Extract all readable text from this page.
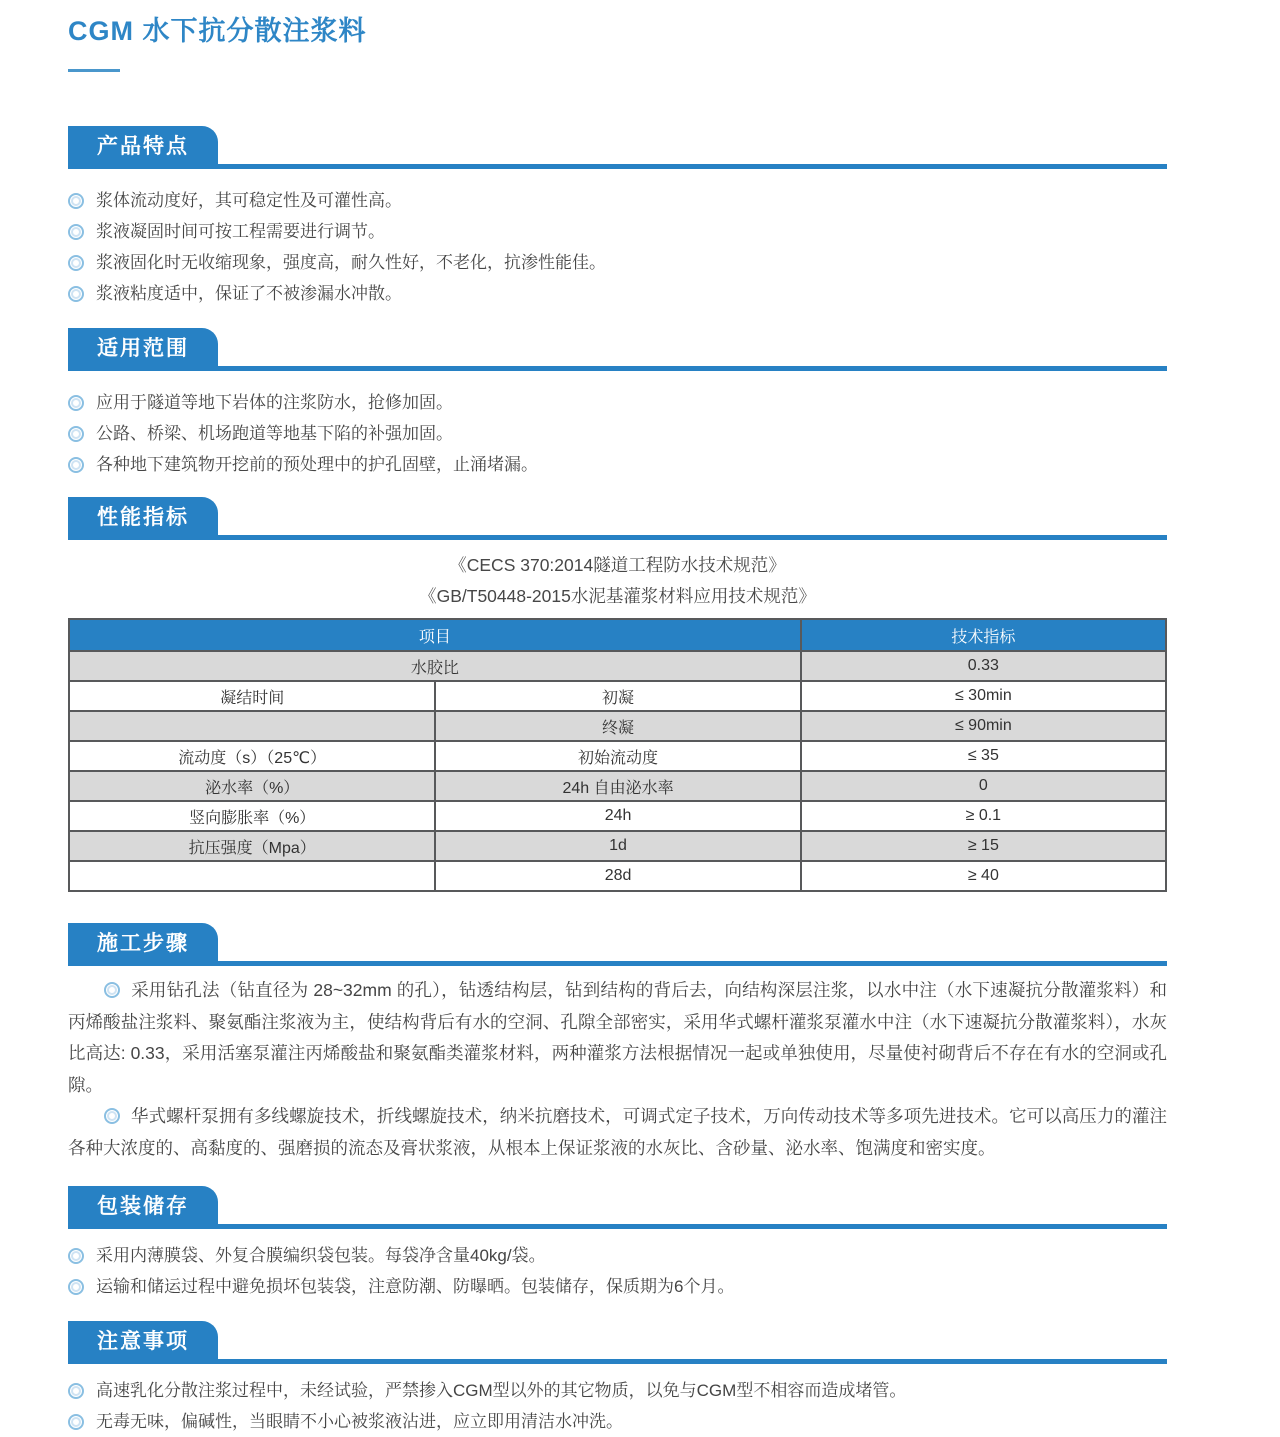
CGM 水下抗分散注浆料
产品特点
浆体流动度好，其可稳定性及可灌性高。
浆液凝固时间可按工程需要进行调节。
浆液固化时无收缩现象，强度高，耐久性好，不老化，抗渗性能佳。
浆液粘度适中，保证了不被渗漏水冲散。
适用范围
应用于隧道等地下岩体的注浆防水，抢修加固。
公路、桥梁、机场跑道等地基下陷的补强加固。
各种地下建筑物开挖前的预处理中的护孔固壁，止涌堵漏。
性能指标

《CECS 370:2014隧道工程防水技术规范》

《GB/T50448-2015水泥基灌浆材料应用技术规范》

项目		技术指标
水胶比		0.33
凝结时间	初凝	≤ 30min
	终凝	≤ 90min
流动度（s）（25℃）	初始流动度	≤ 35
泌水率（%）	24h 自由泌水率	0
竖向膨胀率（%）	24h	≥ 0.1
抗压强度（Mpa）	1d	≥ 15
	28d	≥ 40
施工步骤

采用钻孔法（钻直径为 28~32mm 的孔），钻透结构层，钻到结构的背后去，向结构深层注浆，以水中注（水下速凝抗分散灌浆料）和丙烯酸盐注浆料、聚氨酯注浆液为主，使结构背后有水的空洞、孔隙全部密实，采用华式螺杆灌浆泵灌水中注（水下速凝抗分散灌浆料），水灰比高达: 0.33，采用活塞泵灌注丙烯酸盐和聚氨酯类灌浆材料，两种灌浆方法根据情况一起或单独使用，尽量使衬砌背后不存在有水的空洞或孔隙。

华式螺杆泵拥有多线螺旋技术，折线螺旋技术，纳米抗磨技术，可调式定子技术，万向传动技术等多项先进技术。它可以高压力的灌注各种大浓度的、高黏度的、强磨损的流态及膏状浆液，从根本上保证浆液的水灰比、含砂量、泌水率、饱满度和密实度。

包装储存
采用内薄膜袋、外复合膜编织袋包装。每袋净含量40kg/袋。
运输和储运过程中避免损坏包装袋，注意防潮、防曝晒。包装储存，保质期为6个月。
注意事项
高速乳化分散注浆过程中，未经试验，严禁掺入CGM型以外的其它物质，以免与CGM型不相容而造成堵管。
无毒无味，偏碱性，当眼睛不小心被浆液沾进，应立即用清洁水冲洗。
